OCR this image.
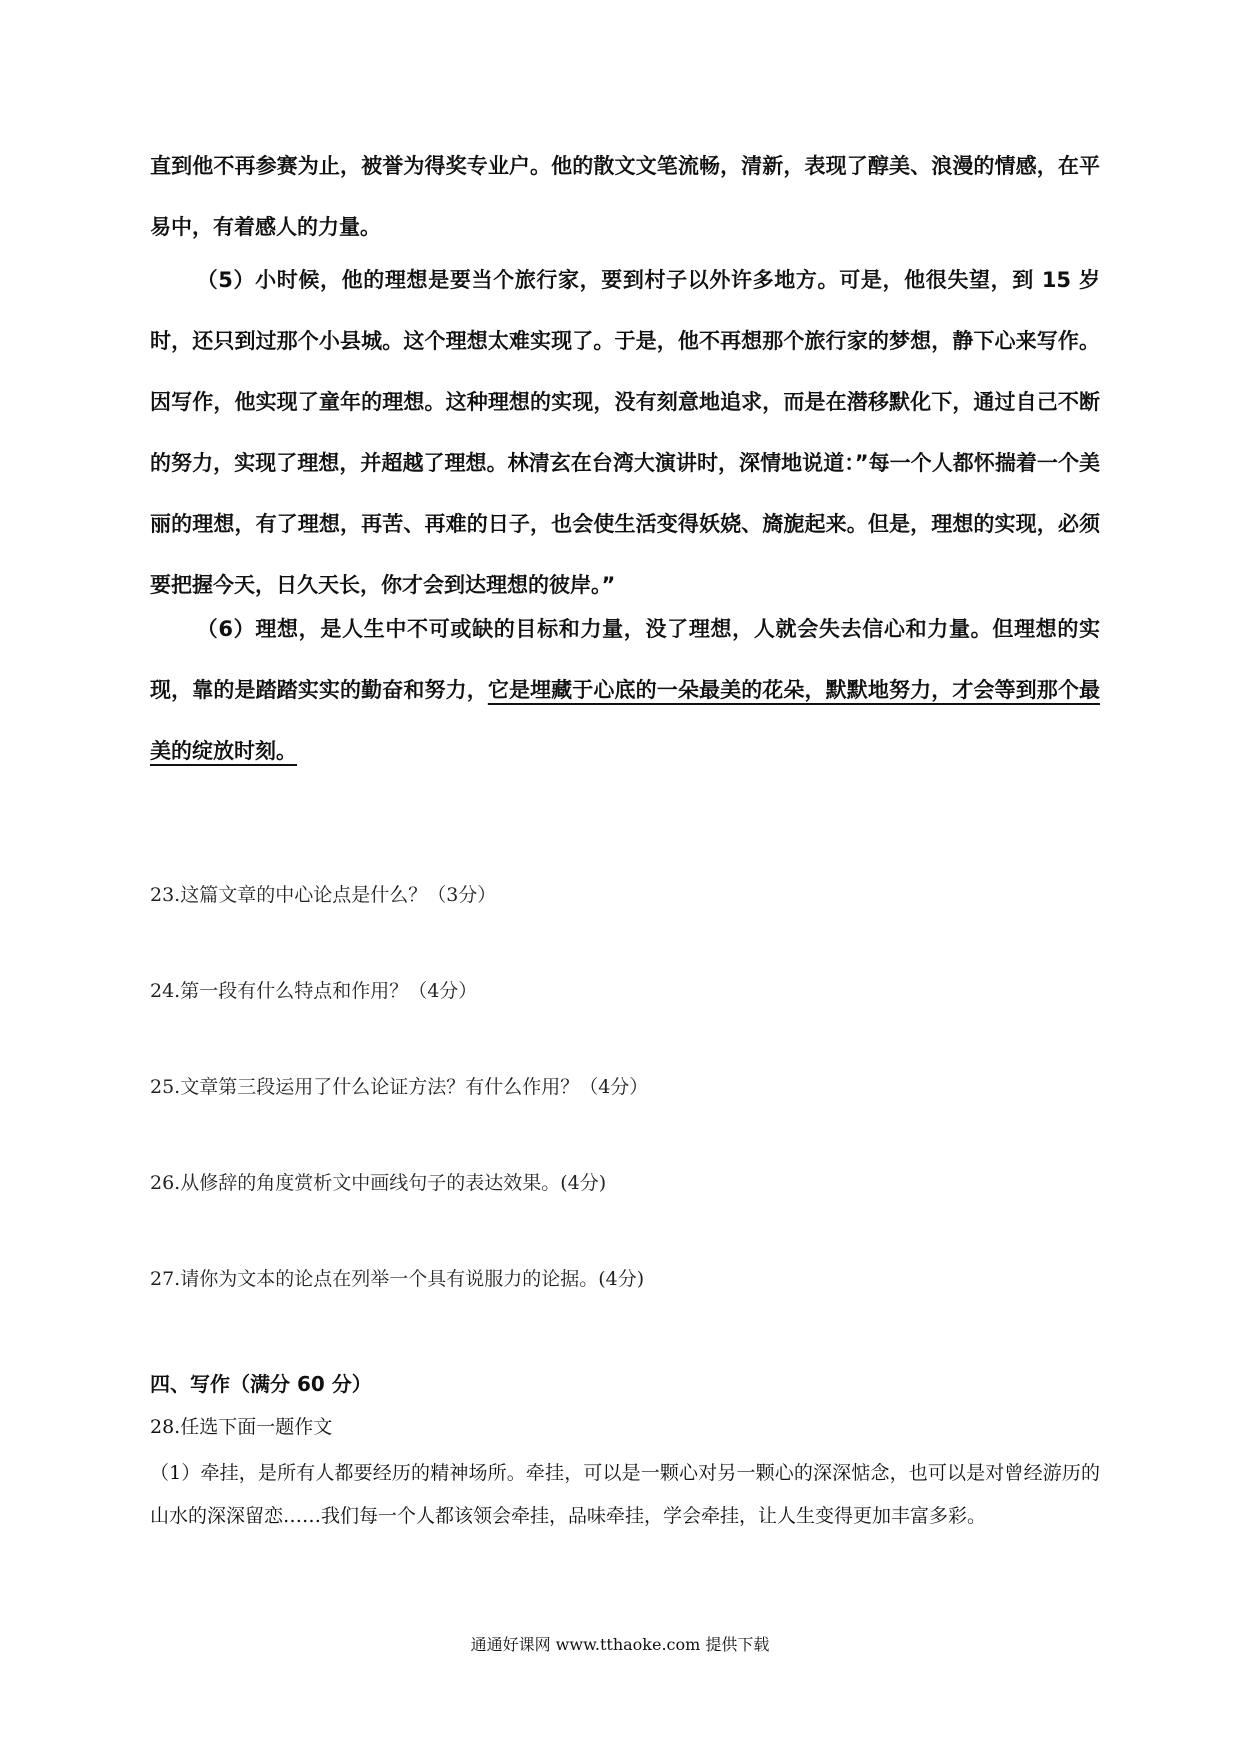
直到他不再参赛为止，被誉为得奖专业户。他的散文文笔流畅，清新，表现了醇美、浪漫的情感，在平易中，有着感人的力量。
（5）小时候，他的理想是要当个旅行家，要到村子以外许多地方。可是，他很失望，到 15 岁时，还只到过那个小县城。这个理想太难实现了。于是，他不再想那个旅行家的梦想，静下心来写作。因写作，他实现了童年的理想。这种理想的实现，没有刻意地追求，而是在潜移默化下，通过自己不断的努力，实现了理想，并超越了理想。林清玄在台湾大演讲时，深情地说道：”每一个人都怀揣着一个美丽的理想，有了理想，再苦、再难的日子，也会使生活变得妖娆、旖旎起来。但是，理想的实现，必须要把握今天，日久天长，你才会到达理想的彼岸。”
（6）理想，是人生中不可或缺的目标和力量，没了理想，人就会失去信心和力量。但理想的实现，靠的是踏踏实实的勤奋和努力，它是埋藏于心底的一朵最美的花朵，默默地努力，才会等到那个最美的绽放时刻。
23.这篇文章的中心论点是什么？（3分）
24.第一段有什么特点和作用？（4分）
25.文章第三段运用了什么论证方法？有什么作用？（4分）
26.从修辞的角度赏析文中画线句子的表达效果。(4分)
27.请你为文本的论点在列举一个具有说服力的论据。(4分)
四、写作（满分 60 分）
28.任选下面一题作文
（1）牵挂，是所有人都要经历的精神场所。牵挂，可以是一颗心对另一颗心的深深惦念，也可以是对曾经游历的山水的深深留恋……我们每一个人都该领会牵挂，品味牵挂，学会牵挂，让人生变得更加丰富多彩。
通通好课网 www.tthaoke.com 提供下载
